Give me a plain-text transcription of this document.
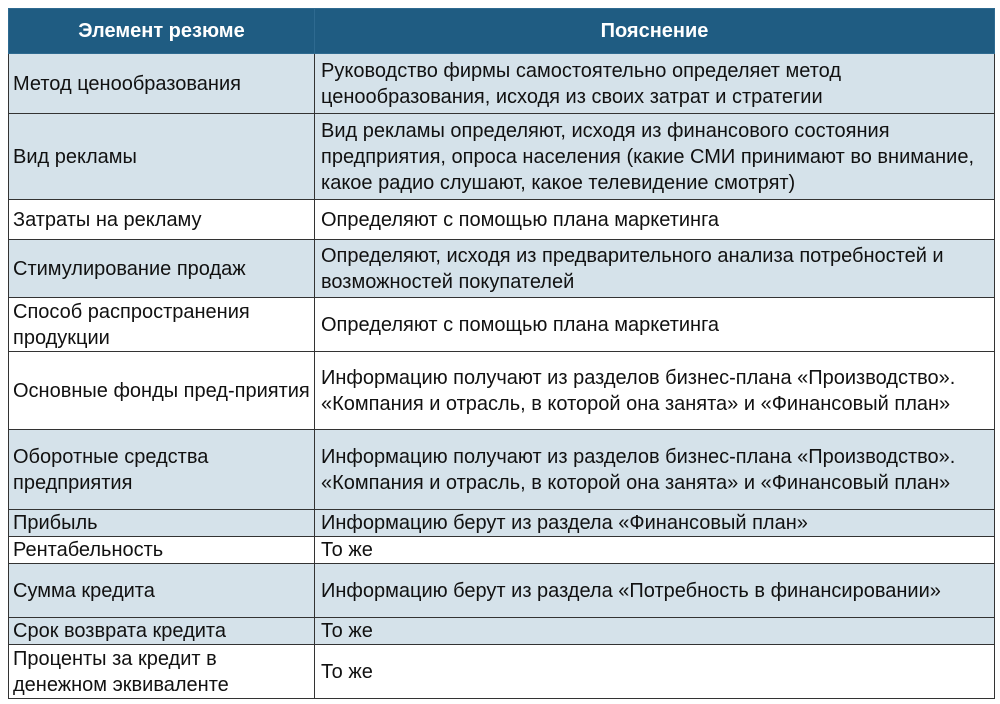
Элемент резюме	Пояснение
Метод ценообразования	Руководство фирмы самостоятельно определяет метод ценообразования, исходя из своих затрат и стратегии
Вид рекламы	Вид рекламы определяют, исходя из финансового состояния предприятия, опроса населения (какие СМИ принимают во внимание, какое радио слушают, какое телевидение смотрят)
Затраты на рекламу	Определяют с помощью плана маркетинга
Стимулирование продаж	Определяют, исходя из предварительного анализа потребностей и возможностей покупателей
Способ распространения продукции	Определяют с помощью плана маркетинга
Основные фонды пред-приятия	Информацию получают из разделов бизнес-плана «Производство». «Компания и отрасль, в которой она занята» и «Финансовый план»
Оборотные средства предприятия	Информацию получают из разделов бизнес-плана «Производство». «Компания и отрасль, в которой она занята» и «Финансовый план»
Прибыль	Информацию берут из раздела «Финансовый план»
Рентабельность	То же
Сумма кредита	Информацию берут из раздела «Потребность в финансировании»
Срок возврата кредита	То же
Проценты за кредит в денежном эквиваленте	То же
